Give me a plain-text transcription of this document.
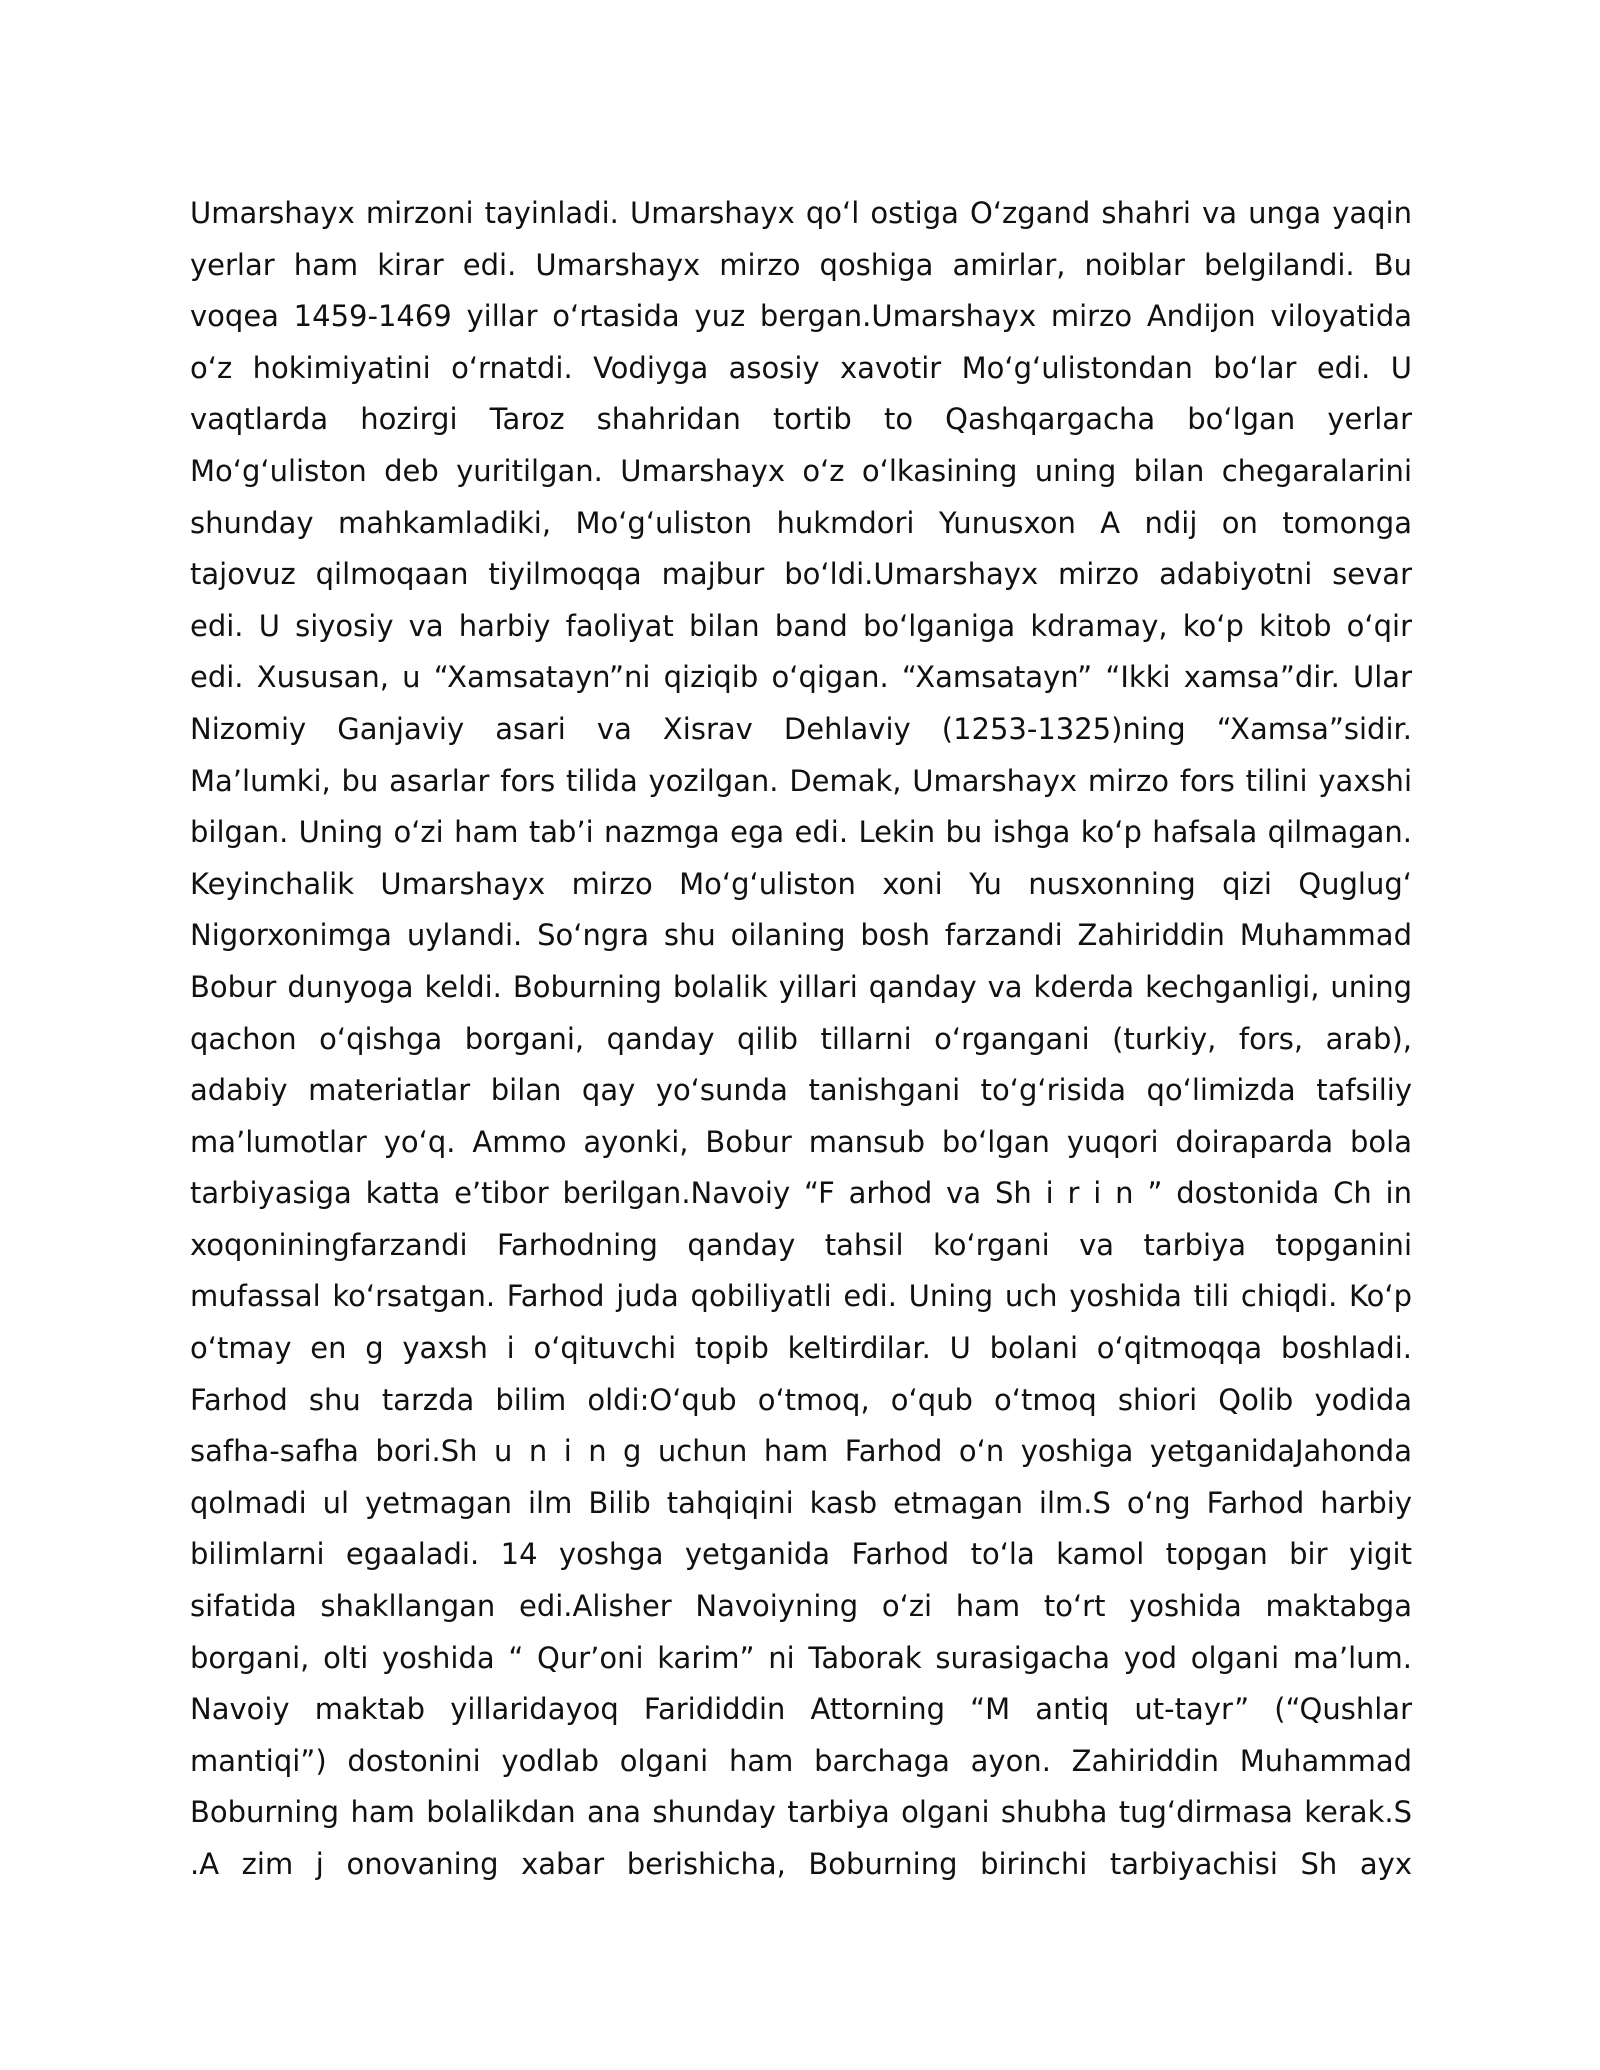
Umarshayx mirzoni tayinladi. Umarshayx qo‘l ostiga O‘zgand shahri va unga yaqin
yerlar ham kirar edi. Umarshayx mirzo qoshiga amirlar, noiblar belgilandi. Bu
voqea 1459-1469 yillar o‘rtasida yuz bergan.Umarshayx mirzo Andijon viloyatida
o‘z hokimiyatini o‘rnatdi. Vodiyga asosiy xavotir Mo‘g‘ulistondan bo‘lar edi. U
vaqtlarda hozirgi Taroz shahridan tortib to Qashqargacha bo‘lgan yerlar
Mo‘g‘uliston deb yuritilgan. Umarshayx o‘z o‘lkasining uning bilan chegaralarini
shunday mahkamladiki, Mo‘g‘uliston hukmdori Yunusxon A ndij on tomonga
tajovuz qilmoqaan tiyilmoqqa majbur bo‘ldi.Umarshayx mirzo adabiyotni sevar
edi. U siyosiy va harbiy faoliyat bilan band bo‘lganiga kdramay, ko‘p kitob o‘qir
edi. Xususan, u “Xamsatayn”ni qiziqib o‘qigan. “Xamsatayn” “Ikki xamsa”dir. Ular
Nizomiy Ganjaviy asari va Xisrav Dehlaviy (1253-1325)ning “Xamsa”sidir.
Ma’lumki, bu asarlar fors tilida yozilgan. Demak, Umarshayx mirzo fors tilini yaxshi
bilgan. Uning o‘zi ham tab’i nazmga ega edi. Lekin bu ishga ko‘p hafsala qilmagan.
Keyinchalik Umarshayx mirzo Mo‘g‘uliston xoni Yu nusxonning qizi Quglug‘
Nigorxonimga uylandi. So‘ngra shu oilaning bosh farzandi Zahiriddin Muhammad
Bobur dunyoga keldi. Boburning bolalik yillari qanday va kderda kechganligi, uning
qachon o‘qishga borgani, qanday qilib tillarni o‘rgangani (turkiy, fors, arab),
adabiy materiatlar bilan qay yo‘sunda tanishgani to‘g‘risida qo‘limizda tafsiliy
ma’lumotlar yo‘q. Ammo ayonki, Bobur mansub bo‘lgan yuqori doiraparda bola
tarbiyasiga katta e’tibor berilgan.Navoiy “F arhod va Sh i r i n ” dostonida Ch in
xoqoniningfarzandi Farhodning qanday tahsil ko‘rgani va tarbiya topganini
mufassal ko‘rsatgan. Farhod juda qobiliyatli edi. Uning uch yoshida tili chiqdi. Ko‘p
o‘tmay en g yaxsh i o‘qituvchi topib keltirdilar. U bolani o‘qitmoqqa boshladi.
Farhod shu tarzda bilim oldi:O‘qub o‘tmoq, o‘qub o‘tmoq shiori Qolib yodida
safha-safha bori.Sh u n i n g uchun ham Farhod o‘n yoshiga yetganidaJahonda
qolmadi ul yetmagan ilm Bilib tahqiqini kasb etmagan ilm.S o‘ng Farhod harbiy
bilimlarni egaaladi. 14 yoshga yetganida Farhod to‘la kamol topgan bir yigit
sifatida shakllangan edi.Alisher Navoiyning o‘zi ham to‘rt yoshida maktabga
borgani, olti yoshida “ Qur’oni karim” ni Taborak surasigacha yod olgani ma’lum.
Navoiy maktab yillaridayoq Farididdin Attorning “M antiq ut-tayr” (“Qushlar
mantiqi”) dostonini yodlab olgani ham barchaga ayon. Zahiriddin Muhammad
Boburning ham bolalikdan ana shunday tarbiya olgani shubha tug‘dirmasa kerak.S
.A zim j onovaning xabar berishicha, Boburning birinchi tarbiyachisi Sh ayx
